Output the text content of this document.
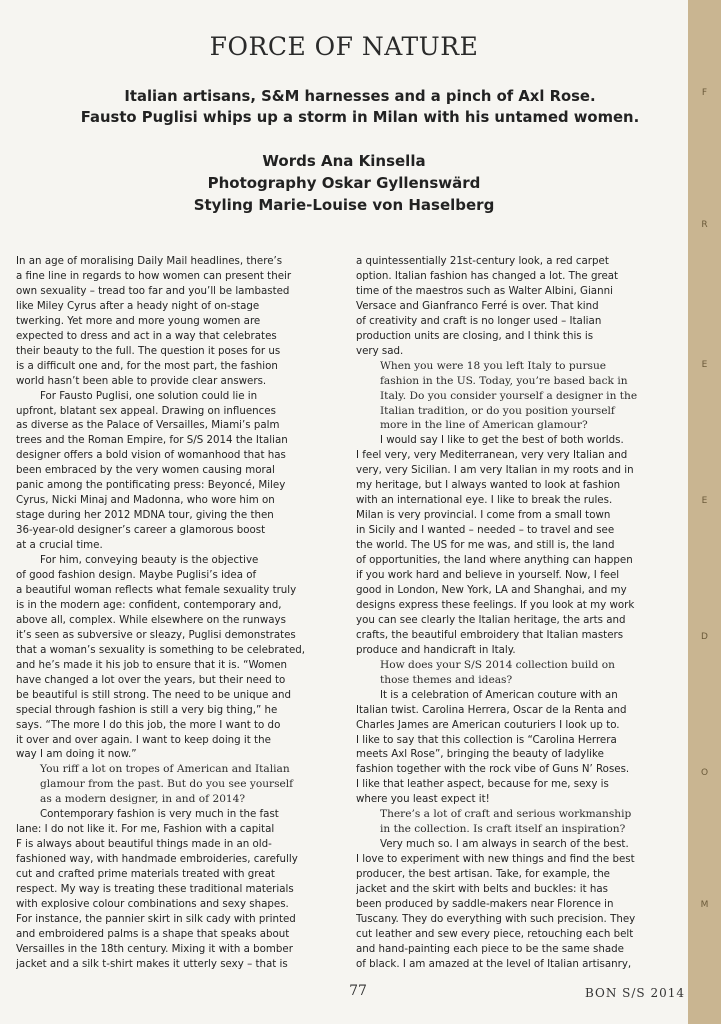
FORCE OF NATURE
Italian artisans, S&M harnesses and a pinch of Axl Rose.
Fausto Puglisi whips up a storm in Milan with his untamed women.
Words Ana Kinsella
Photography Oskar Gyllenswärd
Styling Marie-Louise von Haselberg
In an age of moralising Daily Mail headlines, there’s
a fine line in regards to how women can present their
own sexuality – tread too far and you’ll be lambasted
like Miley Cyrus after a heady night of on-stage
twerking. Yet more and more young women are
expected to dress and act in a way that celebrates
their beauty to the full. The question it poses for us
is a difficult one and, for the most part, the fashion
world hasn’t been able to provide clear answers.
For Fausto Puglisi, one solution could lie in
upfront, blatant sex appeal. Drawing on influences
as diverse as the Palace of Versailles, Miami’s palm
trees and the Roman Empire, for S/S 2014 the Italian
designer offers a bold vision of womanhood that has
been embraced by the very women causing moral
panic among the pontificating press: Beyoncé, Miley
Cyrus, Nicki Minaj and Madonna, who wore him on
stage during her 2012 MDNA tour, giving the then
36-year-old designer’s career a glamorous boost
at a crucial time.
For him, conveying beauty is the objective
of good fashion design. Maybe Puglisi’s idea of
a beautiful woman reflects what female sexuality truly
is in the modern age: confident, contemporary and,
above all, complex. While elsewhere on the runways
it’s seen as subversive or sleazy, Puglisi demonstrates
that a woman’s sexuality is something to be celebrated,
and he’s made it his job to ensure that it is. “Women
have changed a lot over the years, but their need to
be beautiful is still strong. The need to be unique and
special through fashion is still a very big thing,” he
says. “The more I do this job, the more I want to do
it over and over again. I want to keep doing it the
way I am doing it now.”
You riff a lot on tropes of American and Italian
glamour from the past. But do you see yourself
as a modern designer, in and of 2014?
Contemporary fashion is very much in the fast
lane: I do not like it. For me, Fashion with a capital
F is always about beautiful things made in an old-
fashioned way, with handmade embroideries, carefully
cut and crafted prime materials treated with great
respect. My way is treating these traditional materials
with explosive colour combinations and sexy shapes.
For instance, the pannier skirt in silk cady with printed
and embroidered palms is a shape that speaks about
Versailles in the 18th century. Mixing it with a bomber
jacket and a silk t-shirt makes it utterly sexy – that is
a quintessentially 21st-century look, a red carpet
option. Italian fashion has changed a lot. The great
time of the maestros such as Walter Albini, Gianni
Versace and Gianfranco Ferré is over. That kind
of creativity and craft is no longer used – Italian
production units are closing, and I think this is
very sad.
When you were 18 you left Italy to pursue
fashion in the US. Today, you’re based back in
Italy. Do you consider yourself a designer in the
Italian tradition, or do you position yourself
more in the line of American glamour?
I would say I like to get the best of both worlds.
I feel very, very Mediterranean, very very Italian and
very, very Sicilian. I am very Italian in my roots and in
my heritage, but I always wanted to look at fashion
with an international eye. I like to break the rules.
Milan is very provincial. I come from a small town
in Sicily and I wanted – needed – to travel and see
the world. The US for me was, and still is, the land
of opportunities, the land where anything can happen
if you work hard and believe in yourself. Now, I feel
good in London, New York, LA and Shanghai, and my
designs express these feelings. If you look at my work
you can see clearly the Italian heritage, the arts and
crafts, the beautiful embroidery that Italian masters
produce and handicraft in Italy.
How does your S/S 2014 collection build on
those themes and ideas?
It is a celebration of American couture with an
Italian twist. Carolina Herrera, Oscar de la Renta and
Charles James are American couturiers I look up to.
I like to say that this collection is “Carolina Herrera
meets Axl Rose”, bringing the beauty of ladylike
fashion together with the rock vibe of Guns N’ Roses.
I like that leather aspect, because for me, sexy is
where you least expect it!
There’s a lot of craft and serious workmanship
in the collection. Is craft itself an inspiration?
Very much so. I am always in search of the best.
I love to experiment with new things and find the best
producer, the best artisan. Take, for example, the
jacket and the skirt with belts and buckles: it has
been produced by saddle-makers near Florence in
Tuscany. They do everything with such precision. They
cut leather and sew every piece, retouching each belt
and hand-painting each piece to be the same shade
of black. I am amazed at the level of Italian artisanry,
77	BON S/S 2014
F
R
E
E
D
O
M
